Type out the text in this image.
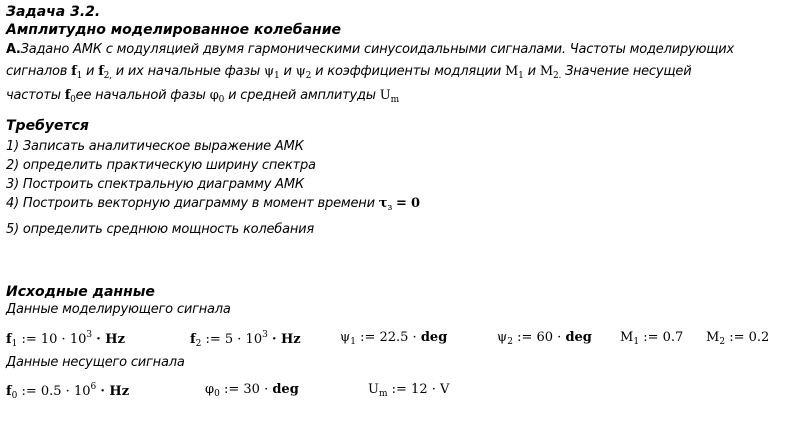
Задача 3.2.
Амплитудно моделированное колебание
А.Задано АМК с модуляцией двумя гармоническими синусоидальными сигналами. Частоты моделирующих
сигналов $f_1$ и $f_{2,}$ и их начальные фазы $\psi_1$ и $\psi_2$ и коэффициенты модляции $M_1$ и $M_{2.}$ Значение несущей
частоты $f_0ее$ начальной фазы $\varphi_0$ и средней амплитуды $U_m$
Требуется
1) Записать аналитическое выражение АМК
2) определить практическую ширину спектра
3) Построить спектральную диаграмму АМК
4) Построить векторную диаграмму в момент времени $\tau_з = 0$
5) определить среднюю мощность колебания
Исходные данные
Данные моделирующего сигнала
$f_1$ := $10 \cdot 10^3 \cdot Hz$	$f_2$ := $5 \cdot 10^3 \cdot Hz$	$\psi_1$ := 22.5 · deg	$\psi_2$ := 60 · deg $M_1$ := 0.7 $M_2$ := 0.2
Данные несущего сигнала
$f_0$ := $0.5 \cdot 10^6 \cdot Hz$	$\varphi_0$ := 30 · deg	$U_m$ := 12 · V
